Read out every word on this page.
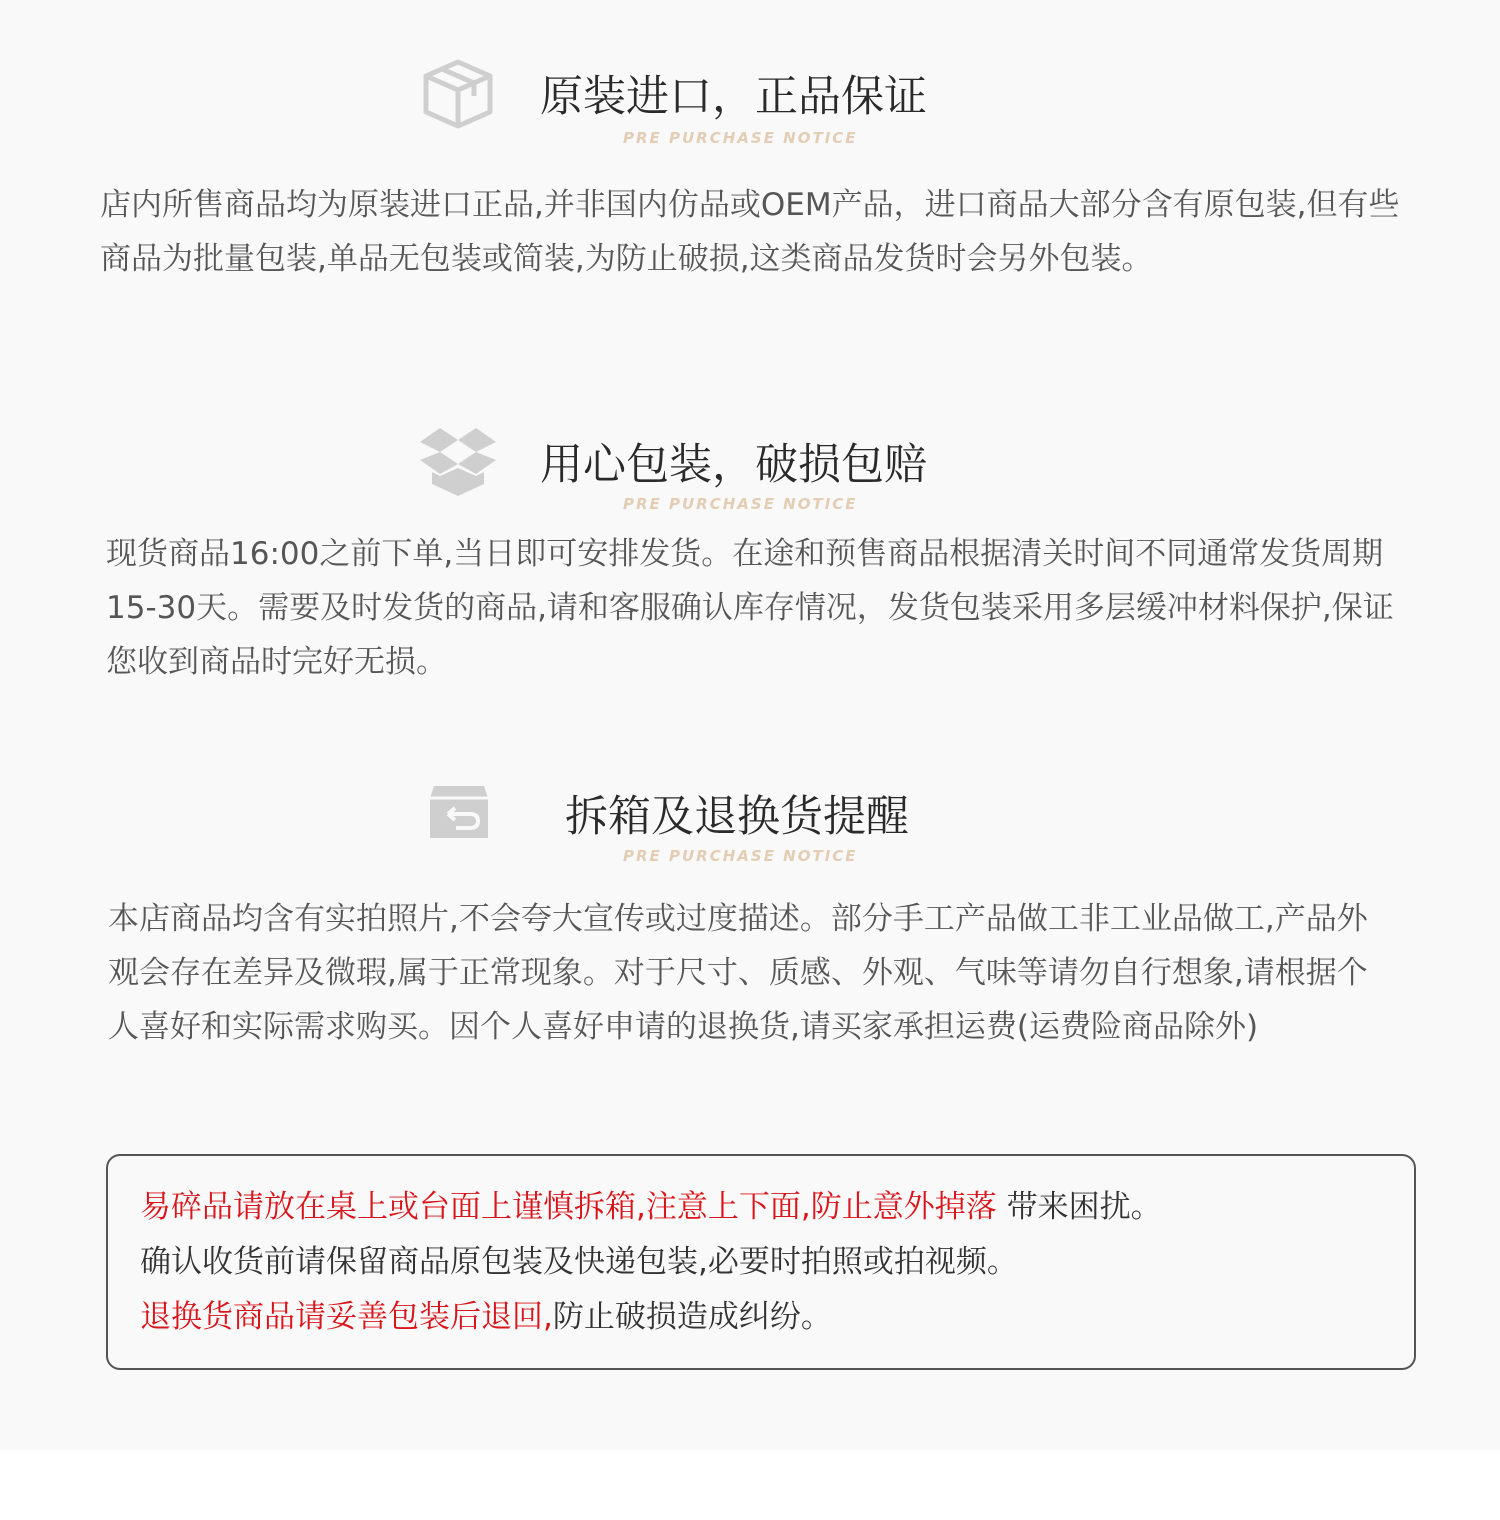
原装进口，正品保证
PRE PURCHASE NOTICE

店内所售商品均为原装进口正品,并非国内仿品或OEM产品，进口商品大部分含有原包装,但有些商品为批量包装,单品无包装或简装,为防止破损,这类商品发货时会另外包装。

用心包装，破损包赔
PRE PURCHASE NOTICE

现货商品16:00之前下单,当日即可安排发货。在途和预售商品根据清关时间不同通常发货周期15-30天。需要及时发货的商品,请和客服确认库存情况，发货包装采用多层缓冲材料保护,保证您收到商品时完好无损。

拆箱及退换货提醒
PRE PURCHASE NOTICE

本店商品均含有实拍照片,不会夸大宣传或过度描述。部分手工产品做工非工业品做工,产品外观会存在差异及微瑕,属于正常现象。对于尺寸、质感、外观、气味等请勿自行想象,请根据个人喜好和实际需求购买。因个人喜好申请的退换货,请买家承担运费(运费险商品除外)

易碎品请放在桌上或台面上谨慎拆箱,注意上下面,防止意外掉落 带来困扰。
确认收货前请保留商品原包装及快递包装,必要时拍照或拍视频。
退换货商品请妥善包装后退回,防止破损造成纠纷。
